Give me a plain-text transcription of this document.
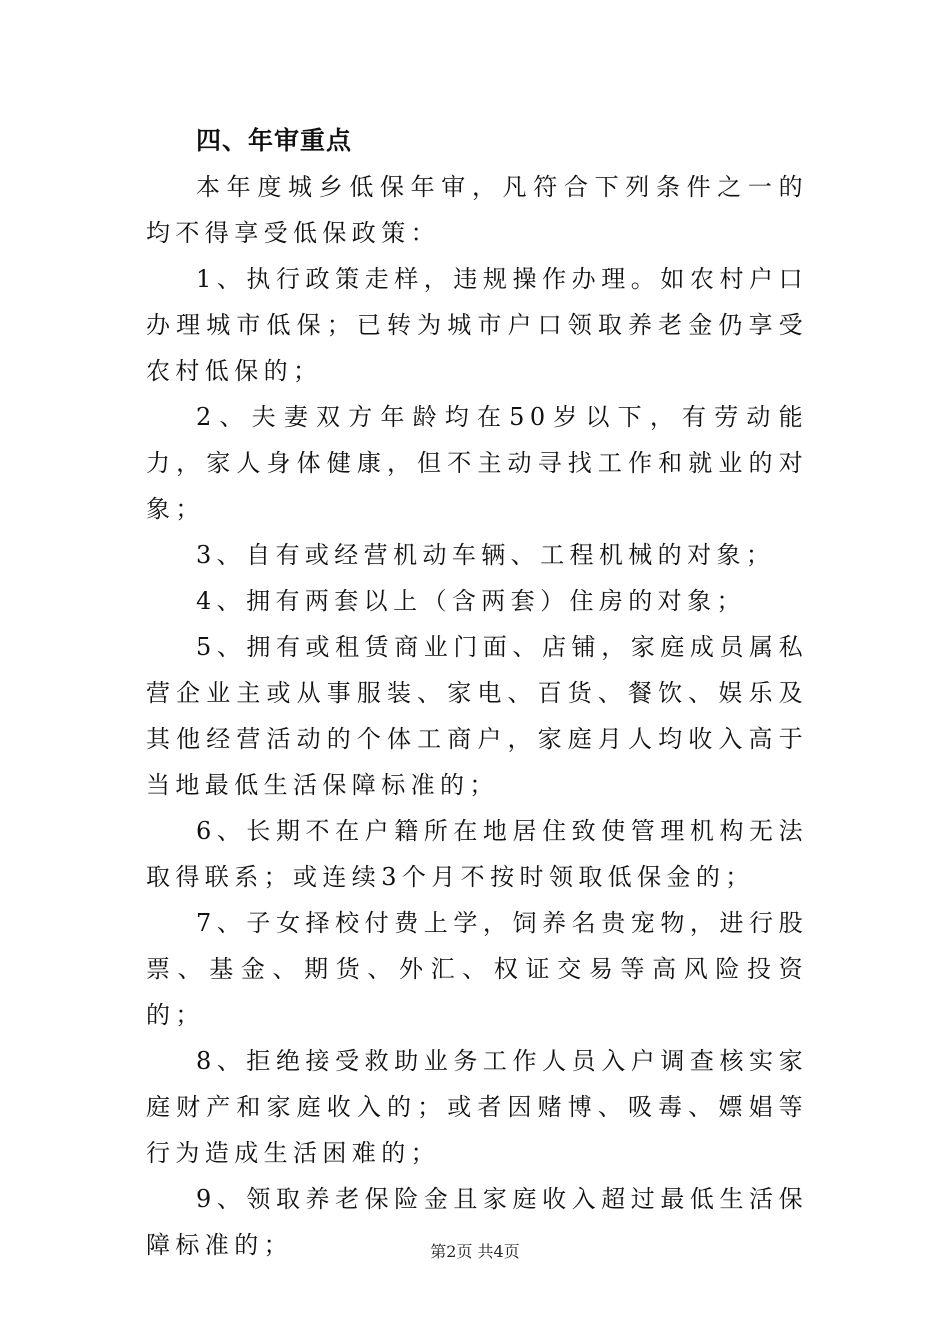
四、年审重点

本年度城乡低保年审，凡符合下列条件之一的均不得享受低保政策：

1、执行政策走样，违规操作办理。如农村户口办理城市低保；已转为城市户口领取养老金仍享受农村低保的；

2、夫妻双方年龄均在50岁以下，有劳动能力，家人身体健康，但不主动寻找工作和就业的对象；

3、自有或经营机动车辆、工程机械的对象；

4、拥有两套以上（含两套）住房的对象；

5、拥有或租赁商业门面、店铺，家庭成员属私营企业主或从事服装、家电、百货、餐饮、娱乐及其他经营活动的个体工商户，家庭月人均收入高于当地最低生活保障标准的；

6、长期不在户籍所在地居住致使管理机构无法取得联系；或连续3个月不按时领取低保金的；

7、子女择校付费上学，饲养名贵宠物，进行股票、基金、期货、外汇、权证交易等高风险投资的；

8、拒绝接受救助业务工作人员入户调查核实家庭财产和家庭收入的；或者因赌博、吸毒、嫖娼等行为造成生活困难的；

9、领取养老保险金且家庭收入超过最低生活保障标准的；	第2页 共4页
